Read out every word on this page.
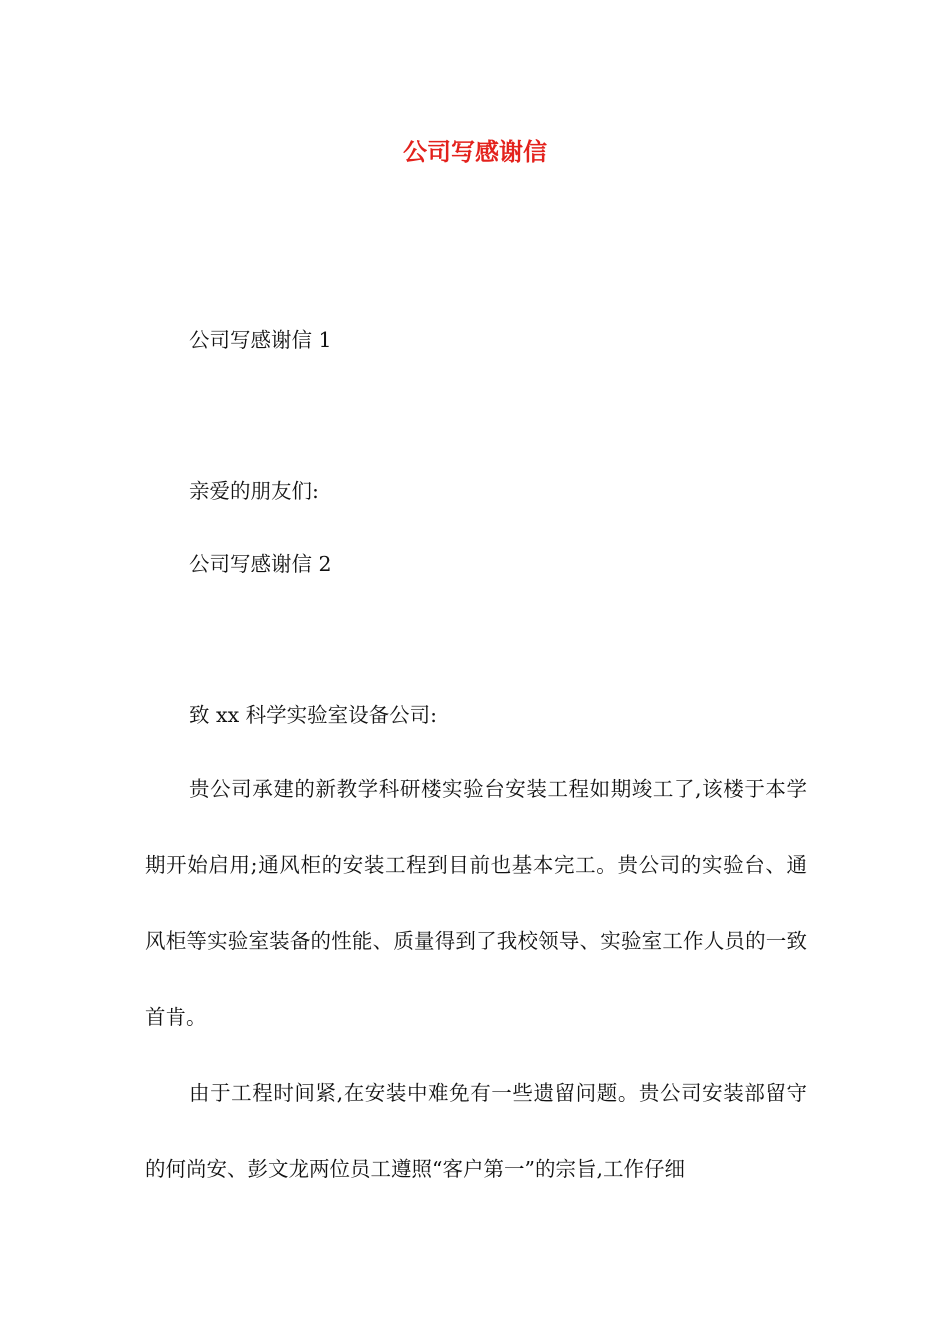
公司写感谢信

公司写感谢信 1

亲爱的朋友们:

公司写感谢信 2

致 xx 科学实验室设备公司:

贵公司承建的新教学科研楼实验台安装工程如期竣工了,该楼于本学期开始启用;通风柜的安装工程到目前也基本完工。贵公司的实验台、通风柜等实验室装备的性能、质量得到了我校领导、实验室工作人员的一致首肯。

由于工程时间紧,在安装中难免有一些遗留问题。贵公司安装部留守的何尚安、彭文龙两位员工遵照“客户第一”的宗旨,工作仔细
